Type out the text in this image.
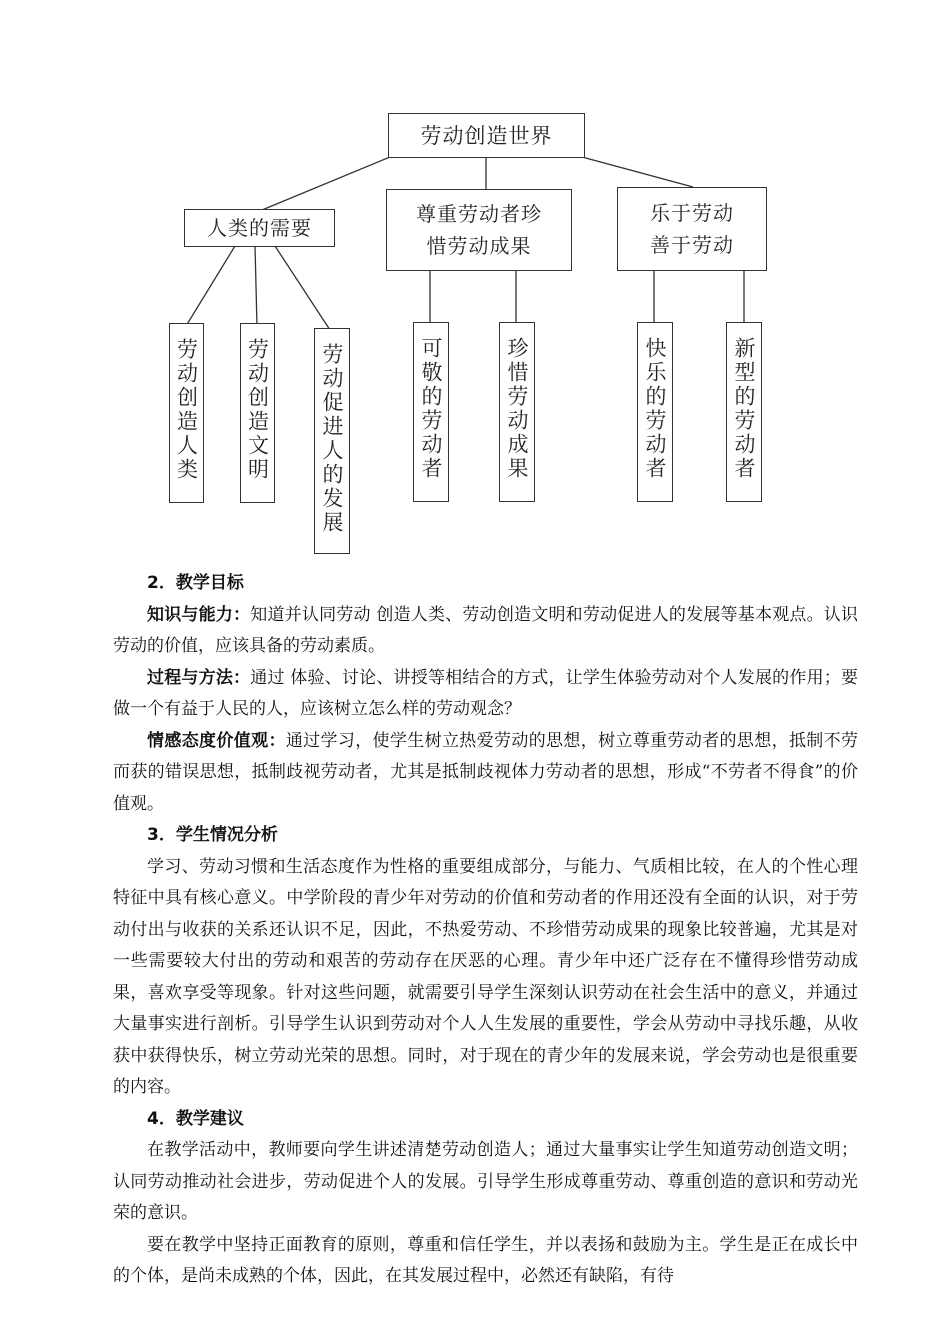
劳动创造世界
人类的需要
尊重劳动者珍
惜劳动成果
乐于劳动
善于劳动
劳动创造人类 劳动创造文明 劳动促进人的发展	可敬的劳动者	珍惜劳动成果	快乐的劳动者	新型的劳动者

2．教学目标

知识与能力：知道并认同劳动 创造人类、劳动创造文明和劳动促进人的发展等基本观点。认识劳动的价值，应该具备的劳动素质。

过程与方法：通过 体验、讨论、讲授等相结合的方式，让学生体验劳动对个人发展的作用；要做一个有益于人民的人，应该树立怎么样的劳动观念？

情感态度价值观：通过学习，使学生树立热爱劳动的思想，树立尊重劳动者的思想，抵制不劳而获的错误思想，抵制歧视劳动者，尤其是抵制歧视体力劳动者的思想，形成“不劳者不得食”的价值观。

3．学生情况分析

学习、劳动习惯和生活态度作为性格的重要组成部分，与能力、气质相比较，在人的个性心理特征中具有核心意义。中学阶段的青少年对劳动的价值和劳动者的作用还没有全面的认识，对于劳动付出与收获的关系还认识不足，因此，不热爱劳动、不珍惜劳动成果的现象比较普遍，尤其是对一些需要较大付出的劳动和艰苦的劳动存在厌恶的心理。青少年中还广泛存在不懂得珍惜劳动成果，喜欢享受等现象。针对这些问题，就需要引导学生深刻认识劳动在社会生活中的意义，并通过大量事实进行剖析。引导学生认识到劳动对个人人生发展的重要性，学会从劳动中寻找乐趣，从收获中获得快乐，树立劳动光荣的思想。同时，对于现在的青少年的发展来说，学会劳动也是很重要的内容。

4．教学建议

在教学活动中，教师要向学生讲述清楚劳动创造人；通过大量事实让学生知道劳动创造文明；认同劳动推动社会进步，劳动促进个人的发展。引导学生形成尊重劳动、尊重创造的意识和劳动光荣的意识。

要在教学中坚持正面教育的原则，尊重和信任学生，并以表扬和鼓励为主。学生是正在成长中的个体，是尚未成熟的个体，因此，在其发展过程中，必然还有缺陷，有待
